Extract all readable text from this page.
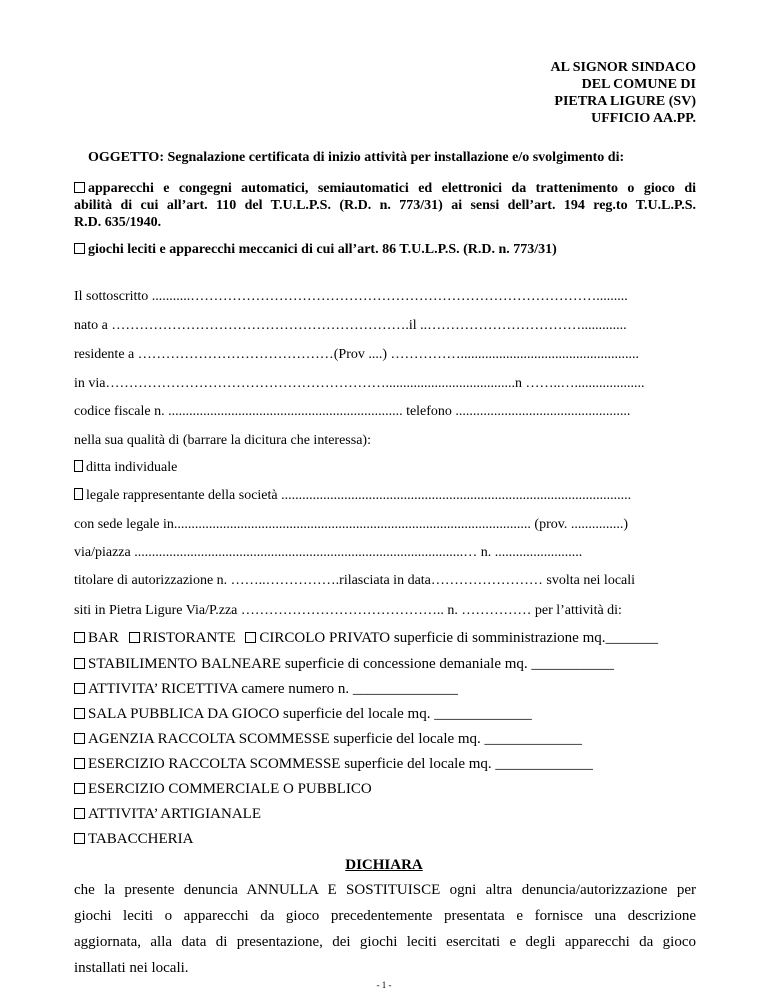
AL SIGNOR SINDACO
DEL COMUNE DI
PIETRA LIGURE (SV)
UFFICIO AA.PP.
OGGETTO: Segnalazione certificata di inizio attività per installazione e/o svolgimento di:
apparecchi e congegni automatici, semiautomatici ed elettronici da trattenimento o gioco di
abilità di cui all’art. 110 del T.U.L.P.S. (R.D. n. 773/31) ai sensi dell’art. 194 reg.to T.U.L.P.S.
R.D. 635/1940.
giochi leciti e apparecchi meccanici di cui all’art. 86 T.U.L.P.S. (R.D. n. 773/31)
Il sottoscritto ...........…………………………………………………………………………….........
nato a ……………………………………………………….il ..…………………………….............
residente a ……………………………………(Prov ....) ……………...................................................
in via…………………………………………………….....................................n ……..…....................
codice fiscale n. ................................................................... telefono ..................................................
nella sua qualità di (barrare la dicitura che interessa):
ditta individuale
legale rappresentante della società ....................................................................................................
con sede legale in...................................................................................................... (prov. ...............)
via/piazza ..............................................................................................… n. .........................
titolare di autorizzazione n. ……..…………….rilasciata in data…………………… svolta nei locali
siti in Pietra Ligure Via/P.zza …………………………………….. n. …………… per l’attività di:
BAR RISTORANTE CIRCOLO PRIVATO superficie di somministrazione mq._______
STABILIMENTO BALNEARE superficie di concessione demaniale mq. ___________
ATTIVITA’ RICETTIVA camere numero n. ______________
SALA PUBBLICA DA GIOCO superficie del locale mq. _____________
AGENZIA RACCOLTA SCOMMESSE superficie del locale mq. _____________
ESERCIZIO RACCOLTA SCOMMESSE superficie del locale mq. _____________
ESERCIZIO COMMERCIALE O PUBBLICO
ATTIVITA’ ARTIGIANALE
TABACCHERIA
DICHIARA
che la presente denuncia ANNULLA E SOSTITUISCE ogni altra denuncia/autorizzazione per
giochi leciti o apparecchi da gioco precedentemente presentata e fornisce una descrizione
aggiornata, alla data di presentazione, dei giochi leciti esercitati e degli apparecchi da gioco
installati nei locali.
- 1 -
